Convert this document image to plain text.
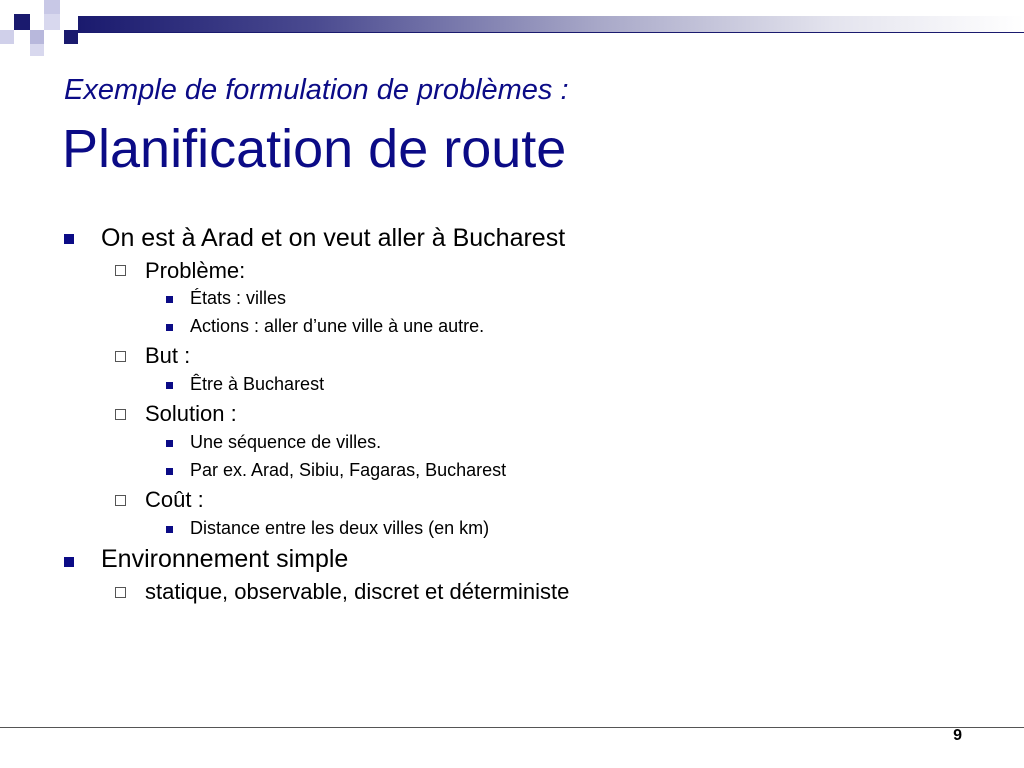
Exemple de formulation de problèmes :
Planification de route
On est à Arad et on veut aller à Bucharest
Problème:
États : villes
Actions : aller d’une ville à une autre.
But :
Être à Bucharest
Solution :
Une séquence de villes.
Par ex. Arad, Sibiu, Fagaras, Bucharest
Coût :
Distance entre les deux villes (en km)
Environnement simple
statique, observable, discret et déterministe
9
